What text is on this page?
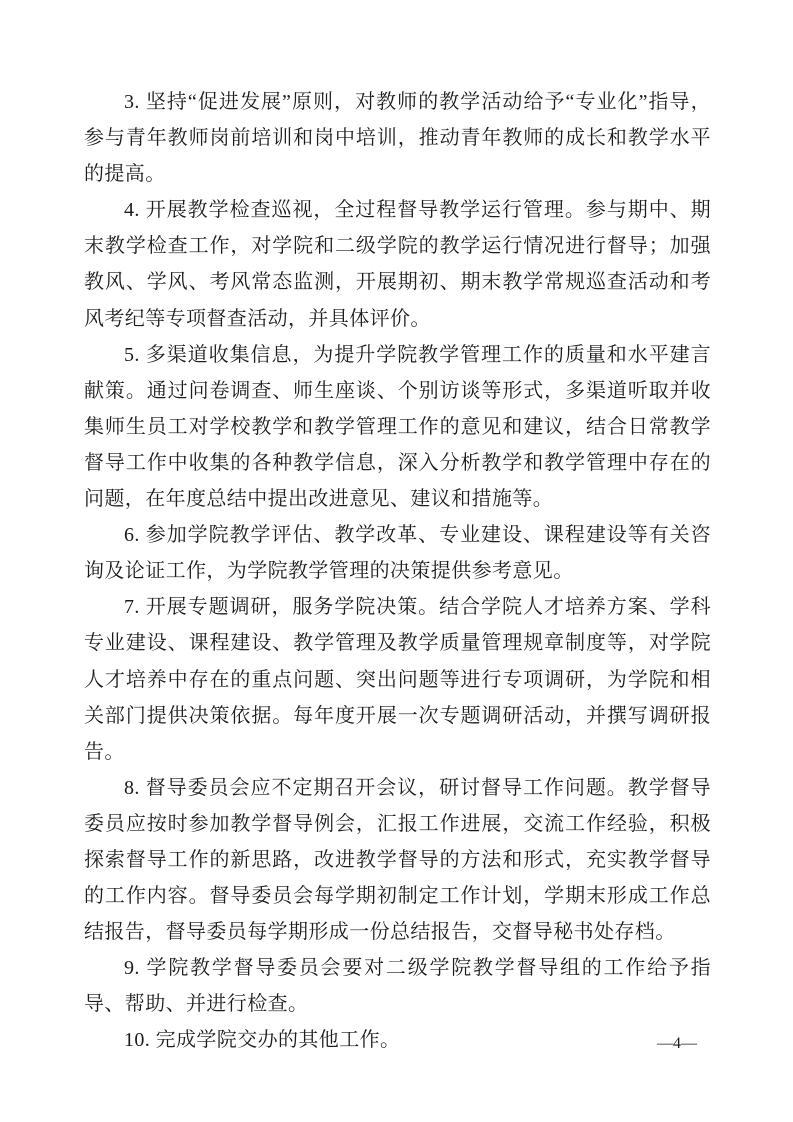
3. 坚持“促进发展”原则，对教师的教学活动给予“专业化”指导，参与青年教师岗前培训和岗中培训，推动青年教师的成长和教学水平的提高。

4. 开展教学检查巡视，全过程督导教学运行管理。参与期中、期末教学检查工作，对学院和二级学院的教学运行情况进行督导；加强教风、学风、考风常态监测，开展期初、期末教学常规巡查活动和考风考纪等专项督查活动，并具体评价。

5. 多渠道收集信息，为提升学院教学管理工作的质量和水平建言献策。通过问卷调查、师生座谈、个别访谈等形式，多渠道听取并收集师生员工对学校教学和教学管理工作的意见和建议，结合日常教学督导工作中收集的各种教学信息，深入分析教学和教学管理中存在的问题，在年度总结中提出改进意见、建议和措施等。

6. 参加学院教学评估、教学改革、专业建设、课程建设等有关咨询及论证工作，为学院教学管理的决策提供参考意见。

7. 开展专题调研，服务学院决策。结合学院人才培养方案、学科专业建设、课程建设、教学管理及教学质量管理规章制度等，对学院人才培养中存在的重点问题、突出问题等进行专项调研，为学院和相关部门提供决策依据。每年度开展一次专题调研活动，并撰写调研报告。

8. 督导委员会应不定期召开会议，研讨督导工作问题。教学督导委员应按时参加教学督导例会，汇报工作进展，交流工作经验，积极探索督导工作的新思路，改进教学督导的方法和形式，充实教学督导的工作内容。督导委员会每学期初制定工作计划，学期末形成工作总结报告，督导委员每学期形成一份总结报告，交督导秘书处存档。

9. 学院教学督导委员会要对二级学院教学督导组的工作给予指导、帮助、并进行检查。

10. 完成学院交办的其他工作。	—4—
